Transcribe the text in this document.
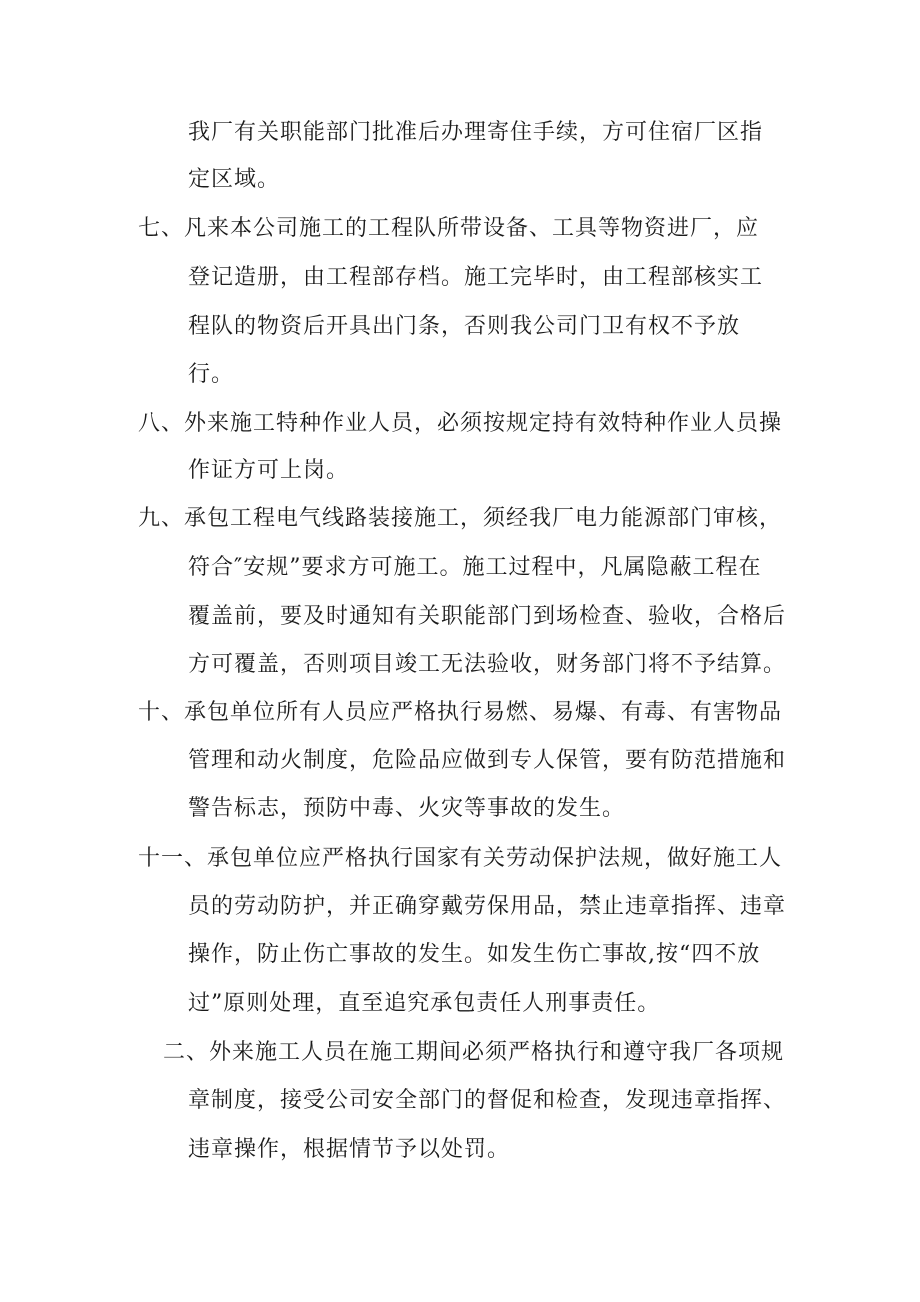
我厂有关职能部门批准后办理寄住手续，方可住宿厂区指
定区域。
七、凡来本公司施工的工程队所带设备、工具等物资进厂，应
登记造册，由工程部存档。施工完毕时，由工程部核实工
程队的物资后开具出门条，否则我公司门卫有权不予放
行。
八、外来施工特种作业人员，必须按规定持有效特种作业人员操
作证方可上岗。
九、承包工程电气线路装接施工，须经我厂电力能源部门审核，
符合″安规”要求方可施工。施工过程中，凡属隐蔽工程在
覆盖前，要及时通知有关职能部门到场检查、验收，合格后
方可覆盖，否则项目竣工无法验收，财务部门将不予结算。
十、承包单位所有人员应严格执行易燃、易爆、有毒、有害物品
管理和动火制度，危险品应做到专人保管，要有防范措施和
警告标志，预防中毒、火灾等事故的发生。
十一、承包单位应严格执行国家有关劳动保护法规，做好施工人
员的劳动防护，并正确穿戴劳保用品，禁止违章指挥、违章
操作，防止伤亡事故的发生。如发生伤亡事故,按“四不放
过”原则处理，直至追究承包责任人刑事责任。
二、外来施工人员在施工期间必须严格执行和遵守我厂各项规
章制度，接受公司安全部门的督促和检查，发现违章指挥、
违章操作，根据情节予以处罚。
